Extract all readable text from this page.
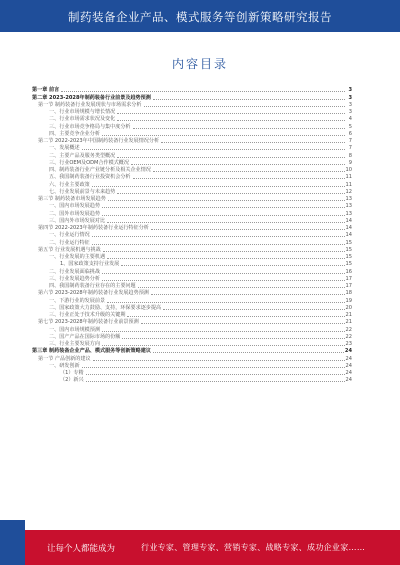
制药装备企业产品、模式服务等创新策略研究报告
内容目录
第一章 前言	3
第二章 2023-2028年制药装备行业前景及趋势预测	3
第一节 制药装备行业发展现状与市场需求分析	3
一、行业市场规模与增长情况	3
二、行业市场需求状况及变化	4
三、行业市场竞争格局与集中度分析	5
四、主要竞争企业分析	6
第二节 2022-2023年中国制药装备行业发展情况分析	7
一、发展概述	7
二、主要产品及服务类型概况	8
三、行业OEM及ODM合作模式概况	9
四、制药装备行业产业链分析及相关企业情况	10
五、我国制药装备行业投资机会分析	11
六、行业主要政策	11
七、行业发展前景与未来趋势	12
第三节 制药装备市场发展趋势	13
一、国内市场发展趋势	13
二、国外市场发展趋势	13
三、国内外市场发展对比	14
第四节 2022-2023年制药装备行业运行特征分析	14
一、行业运行情况	14
二、行业运行特征	15
第五节 行业发展机遇与挑战	15
一、行业发展的主要机遇	15
1、国家政策支持行业发展	15
二、行业发展面临挑战	16
三、行业发展趋势分析	17
四、我国制药装备行业存在的主要问题	17
第六节 2023-2028年制药装备行业发展趋势预测	18
一、下游行业的发展前景	19
二、国家政策大力鼓励、支持，环保要求逐步提高	20
三、行业正处于技术升级的关键期	21
第七节 2023-2028年制药装备行业前景预测	21
一、国内市场规模预测	22
二、国产产品在国际市场的份额	22
三、行业主要发展方向	23
第三章 制药装备企业产品、模式服务等创新策略建议	24
第一节 产品创新的建议	24
一、研发创新	24
（1）专精	24
（2）新兴	24
让每个人都能成为	行业专家、管理专家、营销专家、战略专家、成功企业家……
